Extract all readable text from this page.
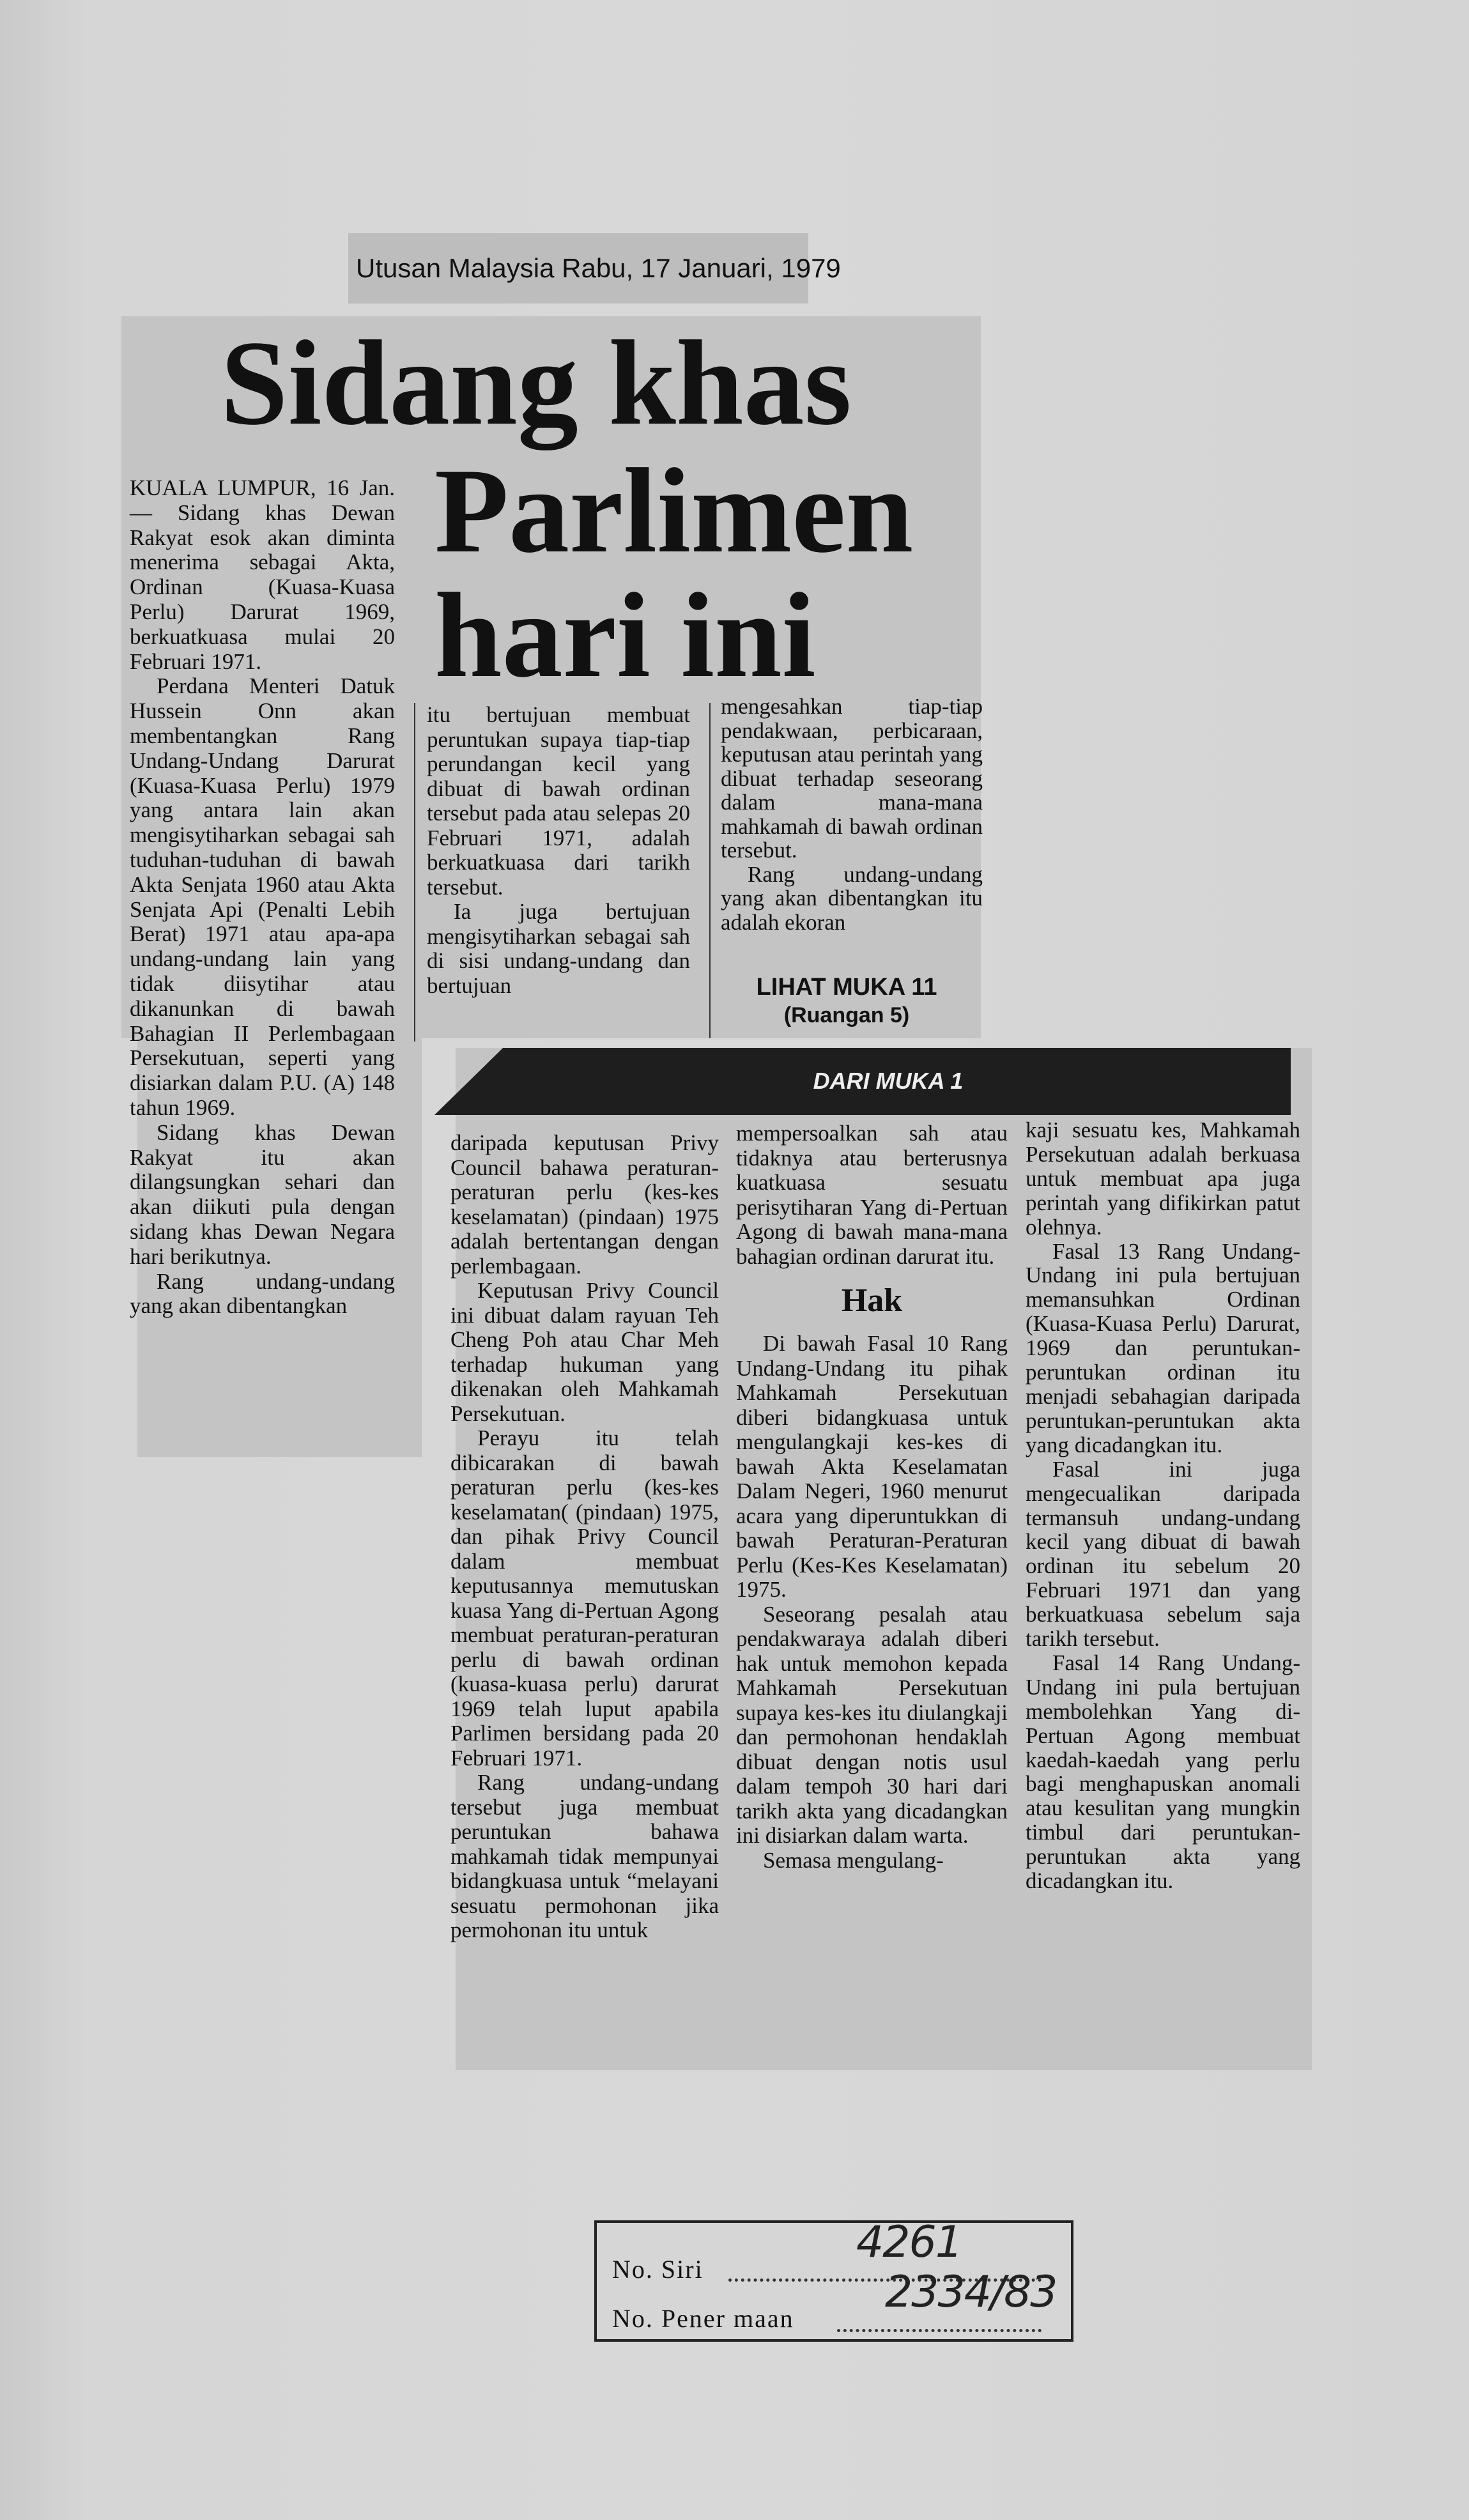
Utusan Malaysia Rabu, 17 Januari, 1979
Sidang khas
Parlimen
hari ini

KUALA LUMPUR, 16 Jan. — Sidang khas Dewan Rakyat esok akan diminta menerima sebagai Akta, Ordinan (Kuasa-Kuasa Perlu) Darurat 1969, berkuatkuasa mulai 20 Februari 1971.

Perdana Menteri Datuk Hussein Onn akan membentangkan Rang Undang-Undang Darurat (Kuasa-Kuasa Perlu) 1979 yang antara lain akan mengisytiharkan sebagai sah tuduhan-tuduhan di bawah Akta Senjata 1960 atau Akta Senjata Api (Penalti Lebih Berat) 1971 atau apa-apa undang-undang lain yang tidak diisytihar atau dikanunkan di bawah Bahagian II Perlembagaan Persekutuan, seperti yang disiarkan dalam P.U. (A) 148 tahun 1969.

Sidang khas Dewan Rakyat itu akan dilangsungkan sehari dan akan diikuti pula dengan sidang khas Dewan Negara hari berikutnya.

Rang undang-undang yang akan dibentangkan

itu bertujuan membuat peruntukan supaya tiap-tiap perundangan kecil yang dibuat di bawah ordinan tersebut pada atau selepas 20 Februari 1971, adalah berkuatkuasa dari tarikh tersebut.

Ia juga bertujuan mengisytiharkan sebagai sah di sisi undang-undang dan bertujuan

mengesahkan tiap-tiap pendakwaan, perbicaraan, keputusan atau perintah yang dibuat terhadap seseorang dalam mana-mana mahkamah di bawah ordinan tersebut.

Rang undang-undang yang akan dibentangkan itu adalah ekoran

LIHAT MUKA 11
(Ruangan 5)
DARI MUKA 1

daripada keputusan Privy Council bahawa peraturan-peraturan perlu (kes-kes keselamatan) (pindaan) 1975 adalah bertentangan dengan perlembagaan.

Keputusan Privy Council ini dibuat dalam rayuan Teh Cheng Poh atau Char Meh terhadap hukuman yang dikenakan oleh Mahkamah Persekutuan.

Perayu itu telah dibicarakan di bawah peraturan perlu (kes-kes keselamatan( (pindaan) 1975, dan pihak Privy Council dalam membuat keputusannya memutuskan kuasa Yang di-Pertuan Agong membuat peraturan-peraturan perlu di bawah ordinan (kuasa-kuasa perlu) darurat 1969 telah luput apabila Parlimen bersidang pada 20 Februari 1971.

Rang undang-undang tersebut juga membuat peruntukan bahawa mahkamah tidak mempunyai bidangkuasa untuk “melayani sesuatu permohonan jika permohonan itu untuk

mempersoalkan sah atau tidaknya atau berterusnya kuatkuasa sesuatu perisytiharan Yang di-Pertuan Agong di bawah mana-mana bahagian ordinan darurat itu.

Hak

Di bawah Fasal 10 Rang Undang-Undang itu pihak Mahkamah Persekutuan diberi bidangkuasa untuk mengulangkaji kes-kes di bawah Akta Keselamatan Dalam Negeri, 1960 menurut acara yang diperuntukkan di bawah Peraturan-Peraturan Perlu (Kes-Kes Keselamatan) 1975.

Seseorang pesalah atau pendakwaraya adalah diberi hak untuk memohon kepada Mahkamah Persekutuan supaya kes-kes itu diulangkaji dan permohonan hendaklah dibuat dengan notis usul dalam tempoh 30 hari dari tarikh akta yang dicadangkan ini disiarkan dalam warta.

Semasa mengulang-

kaji sesuatu kes, Mahkamah Persekutuan adalah berkuasa untuk membuat apa juga perintah yang difikirkan patut olehnya.

Fasal 13 Rang Undang-Undang ini pula bertujuan memansuhkan Ordinan (Kuasa-Kuasa Perlu) Darurat, 1969 dan peruntukan-peruntukan ordinan itu menjadi sebahagian daripada peruntukan-peruntukan akta yang dicadangkan itu.

Fasal ini juga mengecualikan daripada termansuh undang-undang kecil yang dibuat di bawah ordinan itu sebelum 20 Februari 1971 dan yang berkuatkuasa sebelum saja tarikh tersebut.

Fasal 14 Rang Undang-Undang ini pula bertujuan membolehkan Yang di-Pertuan Agong membuat kaedah-kaedah yang perlu bagi menghapuskan anomali atau kesulitan yang mungkin timbul dari peruntukan-peruntukan akta yang dicadangkan itu.

No. Siri
4261
No. Pener maan
2334/83
